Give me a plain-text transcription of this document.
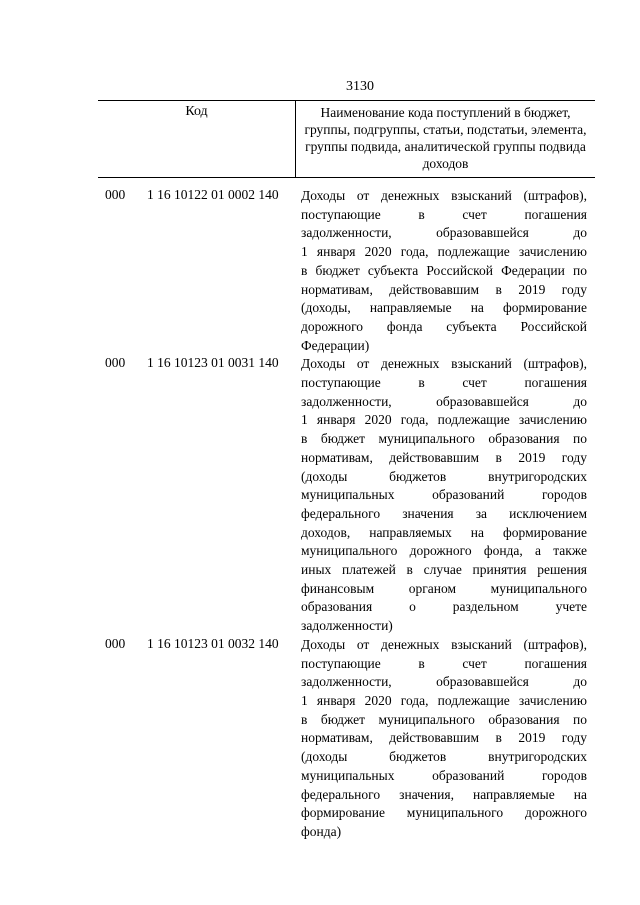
3130
Код	Наименование кода поступлений в бюджет, группы, подгруппы, статьи, подстатьи, элемента, группы подвида, аналитической группы подвида доходов
000 1 16 10122 01 0002 140 Доходы от денежных взысканий (штрафов),
поступающие в счет погашения
задолженности, образовавшейся до
1 января 2020 года, подлежащие зачислению
в бюджет субъекта Российской Федерации по
нормативам, действовавшим в 2019 году
(доходы, направляемые на формирование
дорожного фонда субъекта Российской
Федерации)
000 1 16 10123 01 0031 140 Доходы от денежных взысканий (штрафов),
поступающие в счет погашения
задолженности, образовавшейся до
1 января 2020 года, подлежащие зачислению
в бюджет муниципального образования по
нормативам, действовавшим в 2019 году
(доходы бюджетов внутригородских
муниципальных образований городов
федерального значения за исключением
доходов, направляемых на формирование
муниципального дорожного фонда, а также
иных платежей в случае принятия решения
финансовым органом муниципального
образования о раздельном учете
задолженности)
000 1 16 10123 01 0032 140 Доходы от денежных взысканий (штрафов),
поступающие в счет погашения
задолженности, образовавшейся до
1 января 2020 года, подлежащие зачислению
в бюджет муниципального образования по
нормативам, действовавшим в 2019 году
(доходы бюджетов внутригородских
муниципальных образований городов
федерального значения, направляемые на
формирование муниципального дорожного
фонда)
